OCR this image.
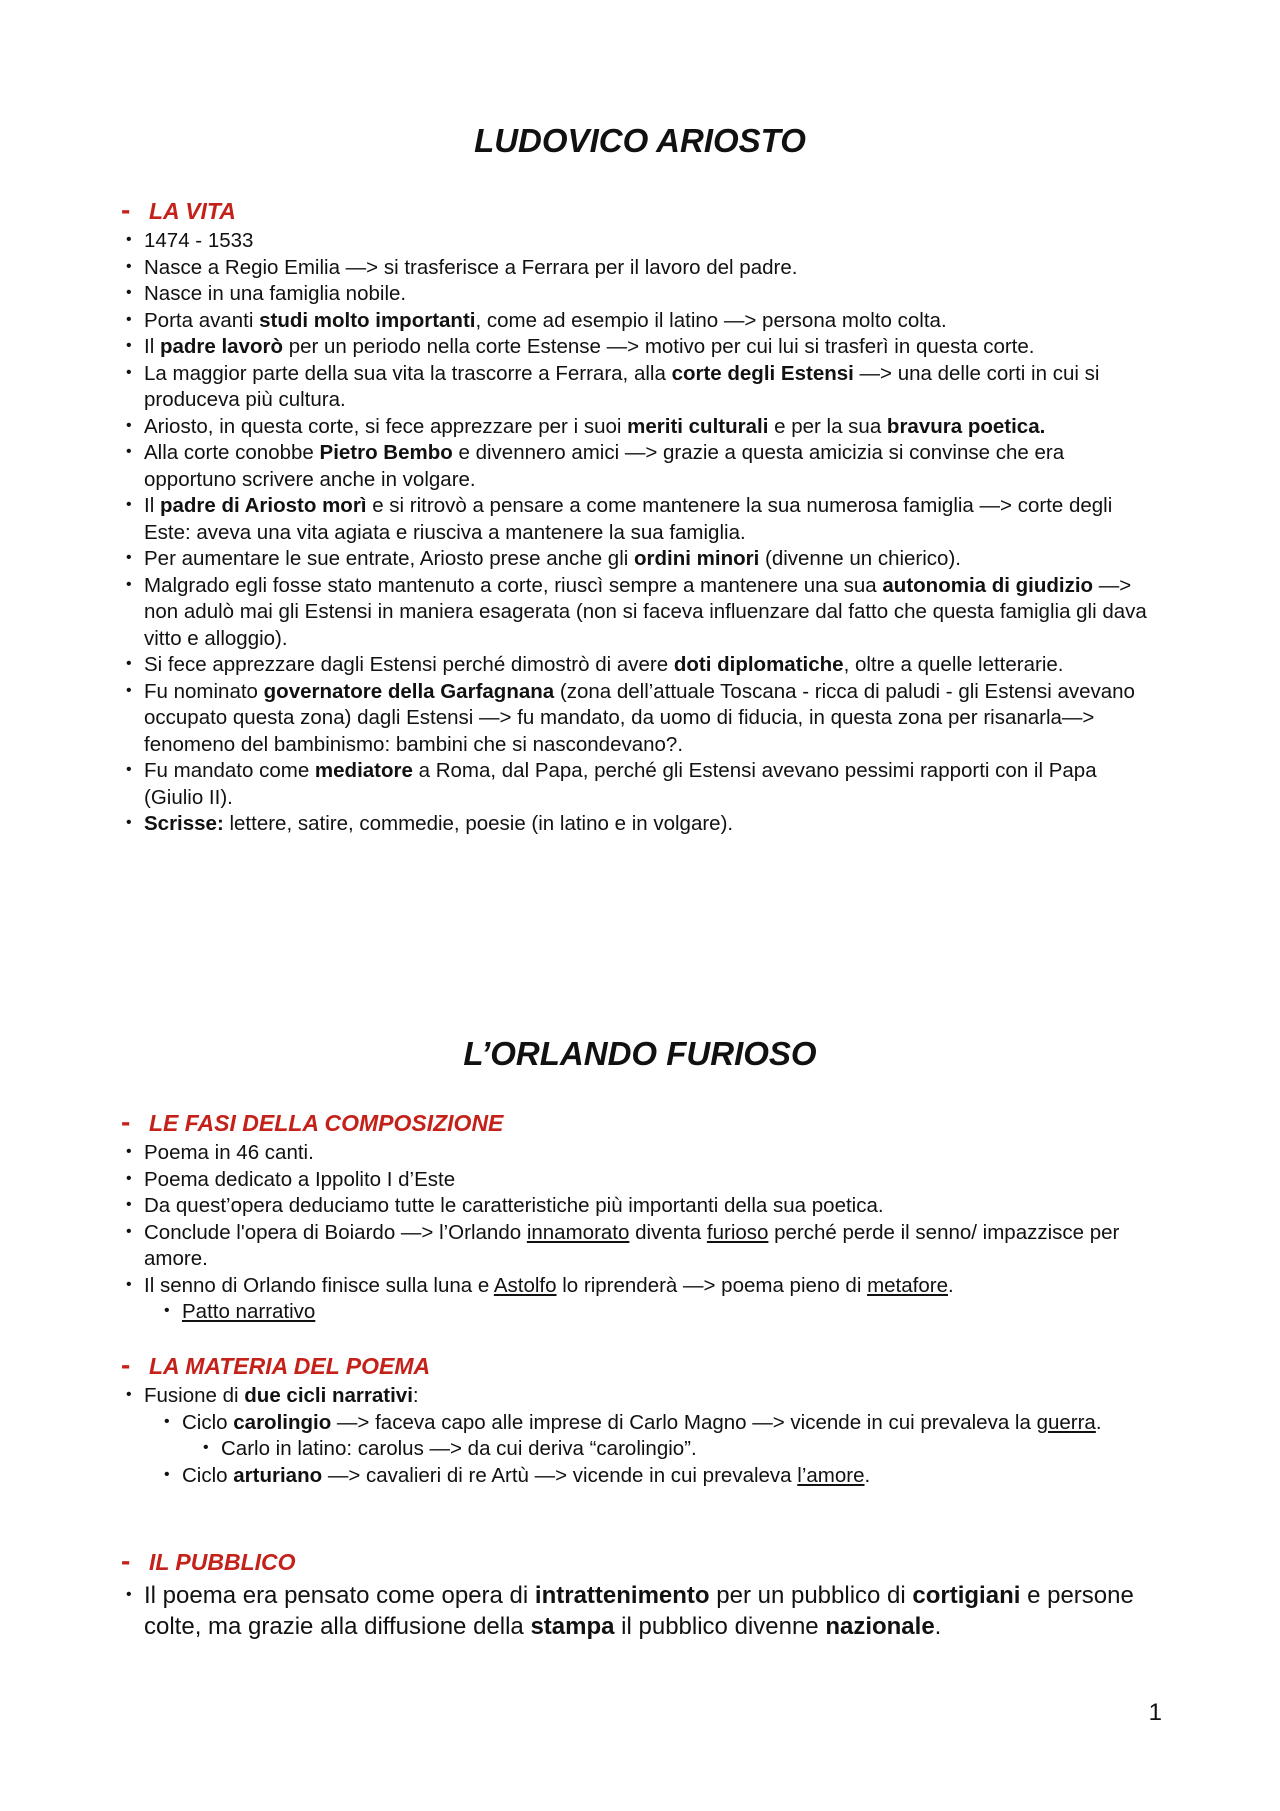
LUDOVICO ARIOSTO
- LA VITA
• 1474 - 1533
• Nasce a Regio Emilia —> si trasferisce a Ferrara per il lavoro del padre.
• Nasce in una famiglia nobile.
• Porta avanti studi molto importanti, come ad esempio il latino —> persona molto colta.
• Il padre lavorò per un periodo nella corte Estense —> motivo per cui lui si trasferì in questa corte.
• La maggior parte della sua vita la trascorre a Ferrara, alla corte degli Estensi —> una delle corti in cui si produceva più cultura.
• Ariosto, in questa corte, si fece apprezzare per i suoi meriti culturali e per la sua bravura poetica.
• Alla corte conobbe Pietro Bembo e divennero amici —> grazie a questa amicizia si convinse che era opportuno scrivere anche in volgare.
• Il padre di Ariosto morì e si ritrovò a pensare a come mantenere la sua numerosa famiglia —> corte degli Este: aveva una vita agiata e riusciva a mantenere la sua famiglia.
• Per aumentare le sue entrate, Ariosto prese anche gli ordini minori (divenne un chierico).
• Malgrado egli fosse stato mantenuto a corte, riuscì sempre a mantenere una sua autonomia di giudizio —> non adulò mai gli Estensi in maniera esagerata (non si faceva influenzare dal fatto che questa famiglia gli dava vitto e alloggio).
• Si fece apprezzare dagli Estensi perché dimostrò di avere doti diplomatiche, oltre a quelle letterarie.
• Fu nominato governatore della Garfagnana (zona dell’attuale Toscana - ricca di paludi - gli Estensi avevano occupato questa zona) dagli Estensi —> fu mandato, da uomo di fiducia, in questa zona per risanarla—> fenomeno del bambinismo: bambini che si nascondevano?.
• Fu mandato come mediatore a Roma, dal Papa, perché gli Estensi avevano pessimi rapporti con il Papa (Giulio II).
• Scrisse: lettere, satire, commedie, poesie (in latino e in volgare).
L’ORLANDO FURIOSO
- LE FASI DELLA COMPOSIZIONE
• Poema in 46 canti.
• Poema dedicato a Ippolito I d’Este
• Da quest’opera deduciamo tutte le caratteristiche più importanti della sua poetica.
• Conclude l'opera di Boiardo —> l’Orlando innamorato diventa furioso perché perde il senno/ impazzisce per amore.
• Il senno di Orlando finisce sulla luna e Astolfo lo riprenderà —> poema pieno di metafore.
• Patto narrativo
- LA MATERIA DEL POEMA
• Fusione di due cicli narrativi:
• Ciclo carolingio —> faceva capo alle imprese di Carlo Magno —> vicende in cui prevaleva la guerra.
• Carlo in latino: carolus —> da cui deriva “carolingio”.
• Ciclo arturiano —> cavalieri di re Artù —> vicende in cui prevaleva l’amore.
- IL PUBBLICO
• Il poema era pensato come opera di intrattenimento per un pubblico di cortigiani e persone colte, ma grazie alla diffusione della stampa il pubblico divenne nazionale.
1
